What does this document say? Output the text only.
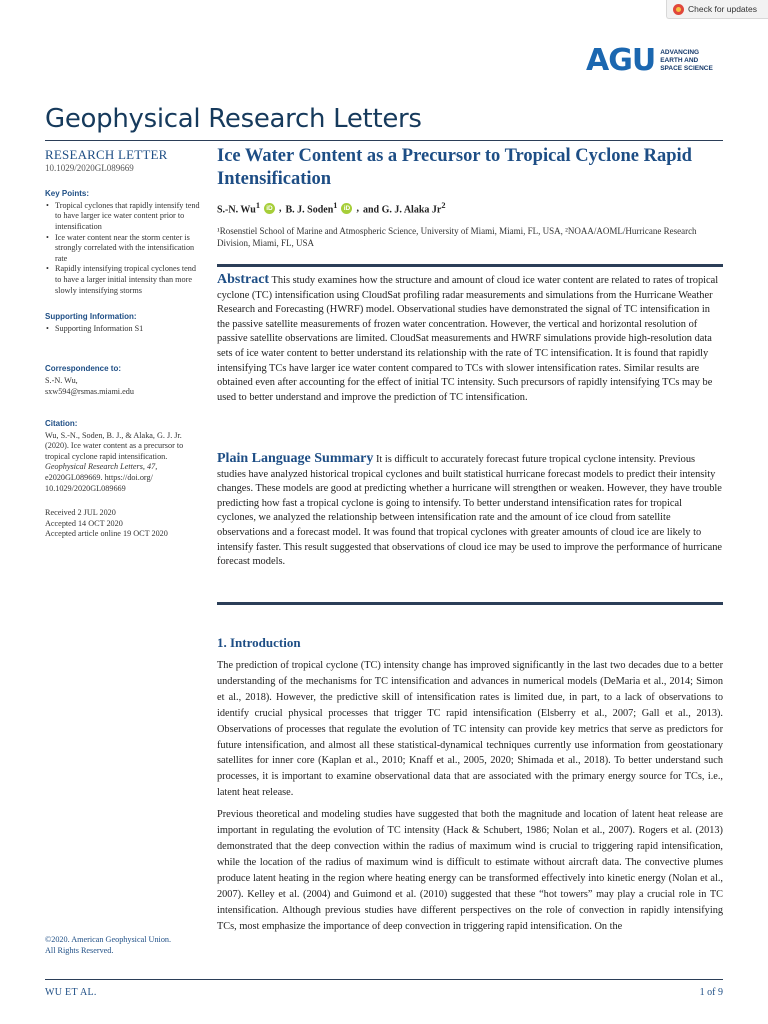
Check for updates
AGU ADVANCING
EARTH AND
SPACE SCIENCE
Geophysical Research Letters
RESEARCH LETTER
10.1029/2020GL089669
Key Points:
• Tropical cyclones that rapidly intensify tend to have larger ice water content prior to intensification
• Ice water content near the storm center is strongly correlated with the intensification rate
• Rapidly intensifying tropical cyclones tend to have a larger initial intensity than more slowly intensifying storms
Supporting Information:
• Supporting Information S1
Correspondence to:
S.-N. Wu,
sxw594@rsmas.miami.edu
Citation:
Wu, S.-N., Soden, B. J., & Alaka, G. J. Jr. (2020). Ice water content as a precursor to tropical cyclone rapid intensification. Geophysical Research Letters, 47, e2020GL089669. https://doi.org/ 10.1029/2020GL089669
Received 2 JUL 2020
Accepted 14 OCT 2020
Accepted article online 19 OCT 2020
©2020. American Geophysical Union.
All Rights Reserved.
Ice Water Content as a Precursor to Tropical Cyclone Rapid Intensification
S.-N. Wu$^1$ iD , B. J. Soden$^1$ iD , and G. J. Alaka Jr$^2$
¹Rosenstiel School of Marine and Atmospheric Science, University of Miami, Miami, FL, USA, ²NOAA/AOML/Hurricane Research Division, Miami, FL, USA
Abstract This study examines how the structure and amount of cloud ice water content are related to rates of tropical cyclone (TC) intensification using CloudSat profiling radar measurements and simulations from the Hurricane Weather Research and Forecasting (HWRF) model. Observational studies have demonstrated the signal of TC intensification in the passive satellite measurements of frozen water concentration. However, the vertical and horizontal resolution of passive satellite observations are limited. CloudSat measurements and HWRF simulations provide high-resolution data sets of ice water content to better understand its relationship with the rate of TC intensification. It is found that rapidly intensifying TCs have larger ice water content compared to TCs with slower intensification rates. Similar results are obtained even after accounting for the effect of initial TC intensity. Such precursors of rapidly intensifying TCs may be used to better understand and improve the prediction of TC intensification.
Plain Language Summary It is difficult to accurately forecast future tropical cyclone intensity. Previous studies have analyzed historical tropical cyclones and built statistical hurricane forecast models to predict their intensity changes. These models are good at predicting whether a hurricane will strengthen or weaken. However, they have trouble predicting how fast a tropical cyclone is going to intensify. To better understand intensification rates for tropical cyclones, we analyzed the relationship between intensification rate and the amount of ice cloud from satellite observations and a forecast model. It was found that tropical cyclones with greater amounts of cloud ice are likely to intensify faster. This result suggested that observations of cloud ice may be used to improve the performance of hurricane forecast models.
1. Introduction

The prediction of tropical cyclone (TC) intensity change has improved significantly in the last two decades due to a better understanding of the mechanisms for TC intensification and advances in numerical models (DeMaria et al., 2014; Simon et al., 2018). However, the predictive skill of intensification rates is limited due, in part, to a lack of observations to identify crucial physical processes that trigger TC rapid intensification (Elsberry et al., 2007; Gall et al., 2013). Observations of processes that regulate the evolution of TC intensity can provide key metrics that serve as predictors for future intensification, and almost all these statistical-dynamical techniques currently use information from geostationary satellites for inner core (Kaplan et al., 2010; Knaff et al., 2005, 2020; Shimada et al., 2018). To better understand such processes, it is important to examine observational data that are associated with the primary energy source for TCs, i.e., latent heat release.

Previous theoretical and modeling studies have suggested that both the magnitude and location of latent heat release are important in regulating the evolution of TC intensity (Hack & Schubert, 1986; Nolan et al., 2007). Rogers et al. (2013) demonstrated that the deep convection within the radius of maximum wind is crucial to triggering rapid intensification, while the location of the radius of maximum wind is difficult to estimate without aircraft data. The convective plumes produce latent heating in the region where heating energy can be transformed effectively into kinetic energy (Nolan et al., 2007). Kelley et al. (2004) and Guimond et al. (2010) suggested that these “hot towers” may play a crucial role in TC intensification. Although previous studies have different perspectives on the role of convection in rapidly intensifying TCs, most emphasize the importance of deep convection in triggering rapid intensification. On the

WU ET AL.	1 of 9
